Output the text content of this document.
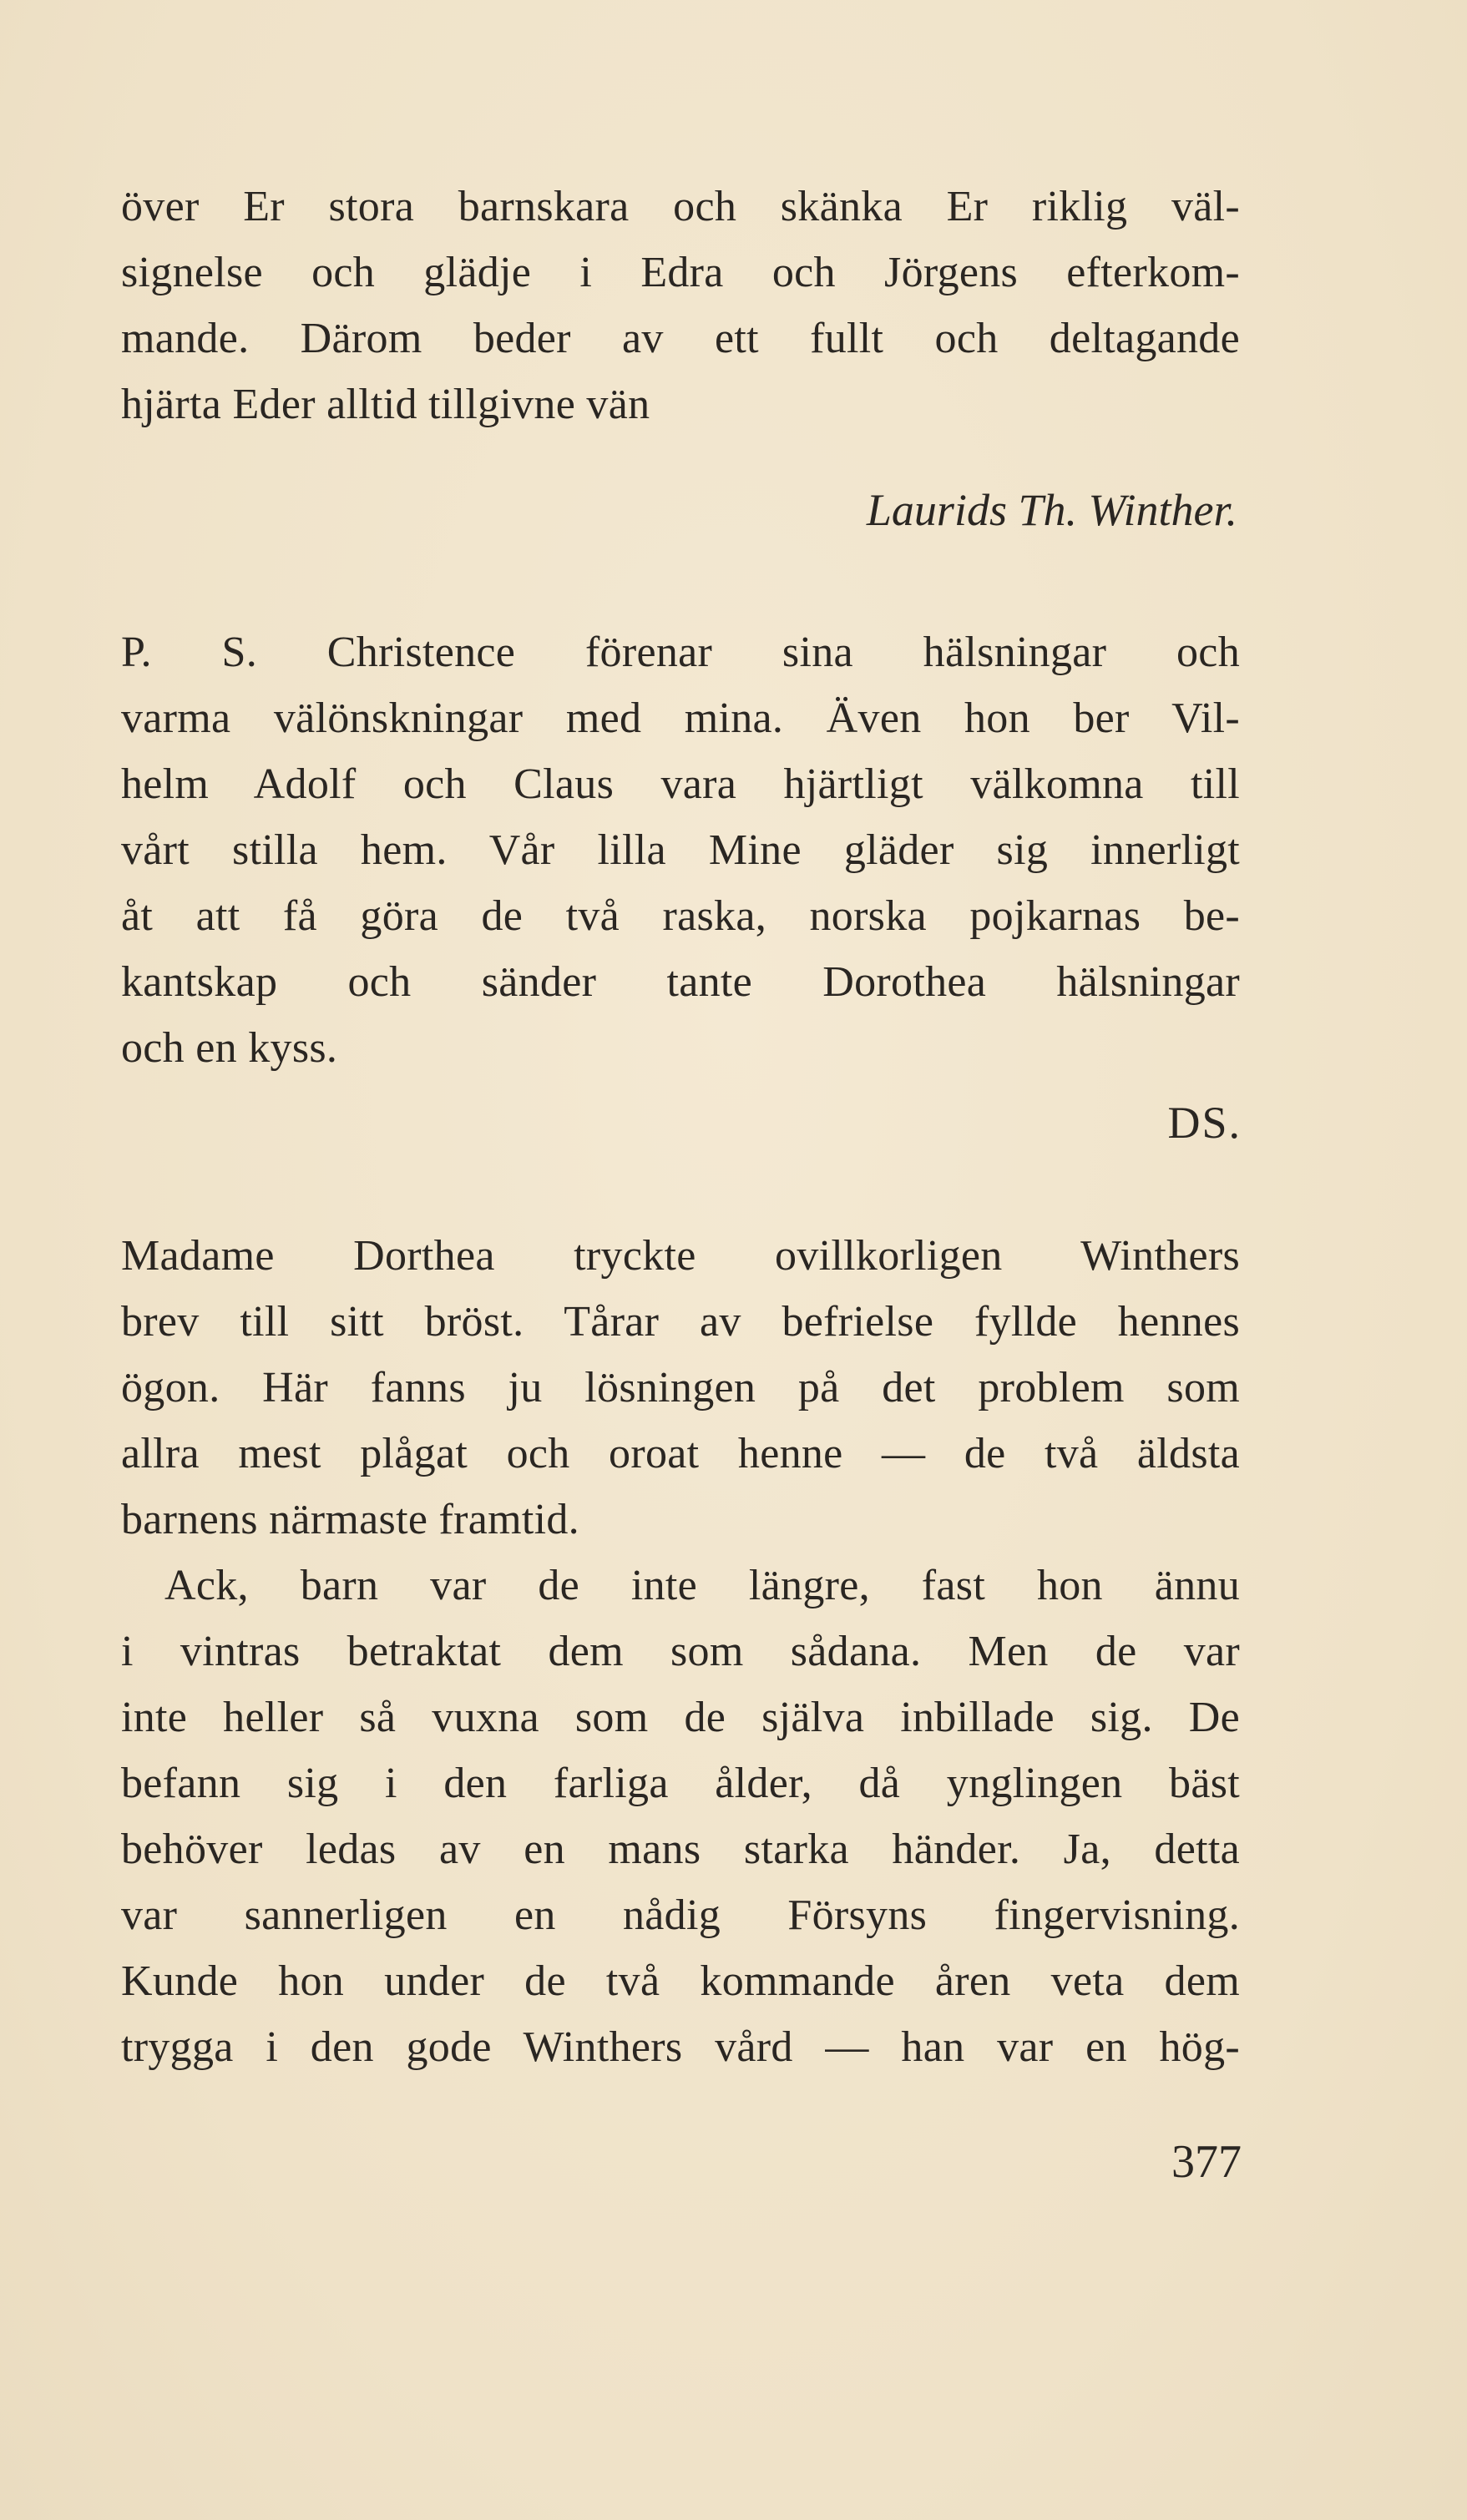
över Er stora barnskara och skänka Er riklig väl-
signelse och glädje i Edra och Jörgens efterkom-
mande. Därom beder av ett fullt och deltagande
hjärta Eder alltid tillgivne vän
Laurids Th. Winther.
P. S. Christence förenar sina hälsningar och
varma välönskningar med mina. Även hon ber Vil-
helm Adolf och Claus vara hjärtligt välkomna till
vårt stilla hem. Vår lilla Mine gläder sig innerligt
åt att få göra de två raska, norska pojkarnas be-
kantskap och sänder tante Dorothea hälsningar
och en kyss.
DS.
Madame Dorthea tryckte ovillkorligen Winthers
brev till sitt bröst. Tårar av befrielse fyllde hennes
ögon. Här fanns ju lösningen på det problem som
allra mest plågat och oroat henne — de två äldsta
barnens närmaste framtid.
Ack, barn var de inte längre, fast hon ännu
i vintras betraktat dem som sådana. Men de var
inte heller så vuxna som de själva inbillade sig. De
befann sig i den farliga ålder, då ynglingen bäst
behöver ledas av en mans starka händer. Ja, detta
var sannerligen en nådig Försyns fingervisning.
Kunde hon under de två kommande åren veta dem
trygga i den gode Winthers vård — han var en hög-
377
